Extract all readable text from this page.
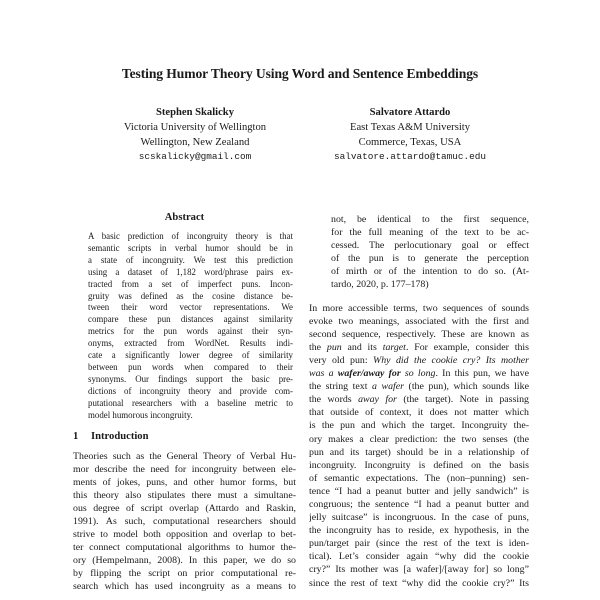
Testing Humor Theory Using Word and Sentence Embeddings
Stephen Skalicky
Victoria University of Wellington
Wellington, New Zealand
scskalicky@gmail.com
Salvatore Attardo
East Texas A&M University
Commerce, Texas, USA
salvatore.attardo@tamuc.edu
Abstract
A basic prediction of incongruity theory is that
semantic scripts in verbal humor should be in
a state of incongruity. We test this prediction
using a dataset of 1,182 word/phrase pairs ex-
tracted from a set of imperfect puns. Incon-
gruity was defined as the cosine distance be-
tween their word vector representations. We
compare these pun distances against similarity
metrics for the pun words against their syn-
onyms, extracted from WordNet. Results indi-
cate a significantly lower degree of similarity
between pun words when compared to their
synonyms. Our findings support the basic pre-
dictions of incongruity theory and provide com-
putational researchers with a baseline metric to
model humorous incongruity.
1 Introduction
Theories such as the General Theory of Verbal Hu-
mor describe the need for incongruity between ele-
ments of jokes, puns, and other humor forms, but
this theory also stipulates there must a simultane-
ous degree of script overlap (Attardo and Raskin,
1991). As such, computational researchers should
strive to model both opposition and overlap to bet-
ter connect computational algorithms to humor the-
ory (Hempelmann, 2008). In this paper, we do so
by flipping the script on prior computational re-
search which has used incongruity as a means to
not, be identical to the first sequence,
for the full meaning of the text to be ac-
cessed. The perlocutionary goal or effect
of the pun is to generate the perception
of mirth or of the intention to do so. (At-
tardo, 2020, p. 177–178)
In more accessible terms, two sequences of sounds
evoke two meanings, associated with the first and
second sequence, respectively. These are known as
the pun and its target. For example, consider this
very old pun: Why did the cookie cry? Its mother
was a wafer/away for so long. In this pun, we have
the string text a wafer (the pun), which sounds like
the words away for (the target). Note in passing
that outside of context, it does not matter which
is the pun and which the target. Incongruity the-
ory makes a clear prediction: the two senses (the
pun and its target) should be in a relationship of
incongruity. Incongruity is defined on the basis
of semantic expectations. The (non–punning) sen-
tence “I had a peanut butter and jelly sandwich” is
congruous; the sentence “I had a peanut butter and
jelly suitcase” is incongruous. In the case of puns,
the incongruity has to reside, ex hypothesis, in the
pun/target pair (since the rest of the text is iden-
tical). Let’s consider again “why did the cookie
cry?” Its mother was [a wafer]/[away for] so long”
since the rest of text “why did the cookie cry?” Its
